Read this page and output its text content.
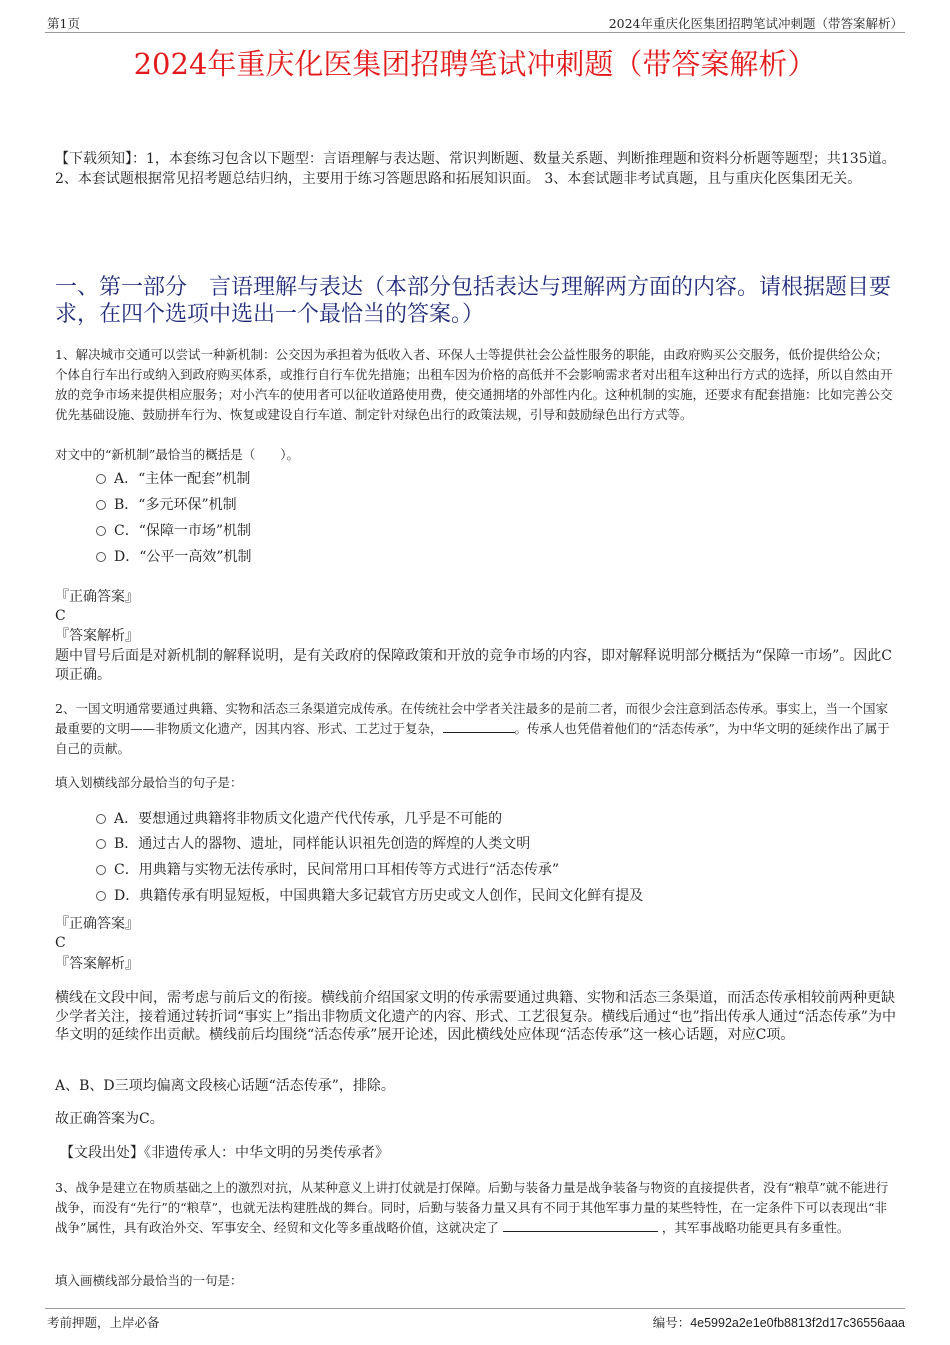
第1页	2024年重庆化医集团招聘笔试冲刺题（带答案解析）
2024年重庆化医集团招聘笔试冲刺题（带答案解析）
【下载须知】：1，本套练习包含以下题型：言语理解与表达题、常识判断题、数量关系题、判断推理题和资料分析题等题型；共135道。2、本套试题根据常见招考题总结归纳，主要用于练习答题思路和拓展知识面。 3、本套试题非考试真题，且与重庆化医集团无关。
一、第一部分　言语理解与表达（本部分包括表达与理解两方面的内容。请根据题目要求，在四个选项中选出一个最恰当的答案。）
1、解决城市交通可以尝试一种新机制：公交因为承担着为低收入者、环保人士等提供社会公益性服务的职能，由政府购买公交服务，低价提供给公众；个体自行车出行或纳入到政府购买体系，或推行自行车优先措施；出租车因为价格的高低并不会影响需求者对出租车这种出行方式的选择，所以自然由开放的竞争市场来提供相应服务；对小汽车的使用者可以征收道路使用费，使交通拥堵的外部性内化。这种机制的实施，还要求有配套措施：比如完善公交优先基础设施、鼓励拼车行为、恢复或建设自行车道、制定针对绿色出行的政策法规，引导和鼓励绿色出行方式等。
对文中的“新机制”最恰当的概括是（　　）。
A．“主体一配套”机制
B．“多元环保”机制
C．“保障一市场”机制
D．“公平一高效”机制
『正确答案』
C
『答案解析』
题中冒号后面是对新机制的解释说明，是有关政府的保障政策和开放的竞争市场的内容，即对解释说明部分概括为“保障一市场”。因此C项正确。
2、一国文明通常要通过典籍、实物和活态三条渠道完成传承。在传统社会中学者关注最多的是前二者，而很少会注意到活态传承。事实上，当一个国家最重要的文明——非物质文化遗产，因其内容、形式、工艺过于复杂，	。传承人也凭借着他们的“活态传承”，为中华文明的延续作出了属于自己的贡献。
填入划横线部分最恰当的句子是：
A．要想通过典籍将非物质文化遗产代代传承，几乎是不可能的
B．通过古人的器物、遗址，同样能认识祖先创造的辉煌的人类文明
C．用典籍与实物无法传承时，民间常用口耳相传等方式进行“活态传承”
D．典籍传承有明显短板，中国典籍大多记载官方历史或文人创作，民间文化鲜有提及
『正确答案』
C
『答案解析』
横线在文段中间，需考虑与前后文的衔接。横线前介绍国家文明的传承需要通过典籍、实物和活态三条渠道，而活态传承相较前两种更缺少学者关注，接着通过转折词“事实上”指出非物质文化遗产的内容、形式、工艺很复杂。横线后通过“也”指出传承人通过“活态传承”为中华文明的延续作出贡献。横线前后均围绕“活态传承”展开论述，因此横线处应体现“活态传承”这一核心话题，对应C项。
A、B、D三项均偏离文段核心话题“活态传承”，排除。
故正确答案为C。
【文段出处】《非遗传承人：中华文明的另类传承者》
3、战争是建立在物质基础之上的激烈对抗，从某种意义上讲打仗就是打保障。后勤与装备力量是战争装备与物资的直接提供者，没有“粮草”就不能进行战争，而没有“先行”的“粮草”，也就无法构建胜战的舞台。同时，后勤与装备力量又具有不同于其他军事力量的某些特性，在一定条件下可以表现出“非战争”属性，具有政治外交、军事安全、经贸和文化等多重战略价值，这就决定了	，其军事战略功能更具有多重性。
填入画横线部分最恰当的一句是：
考前押题，上岸必备	编号：4e5992a2e1e0fb8813f2d17c36556aaa
